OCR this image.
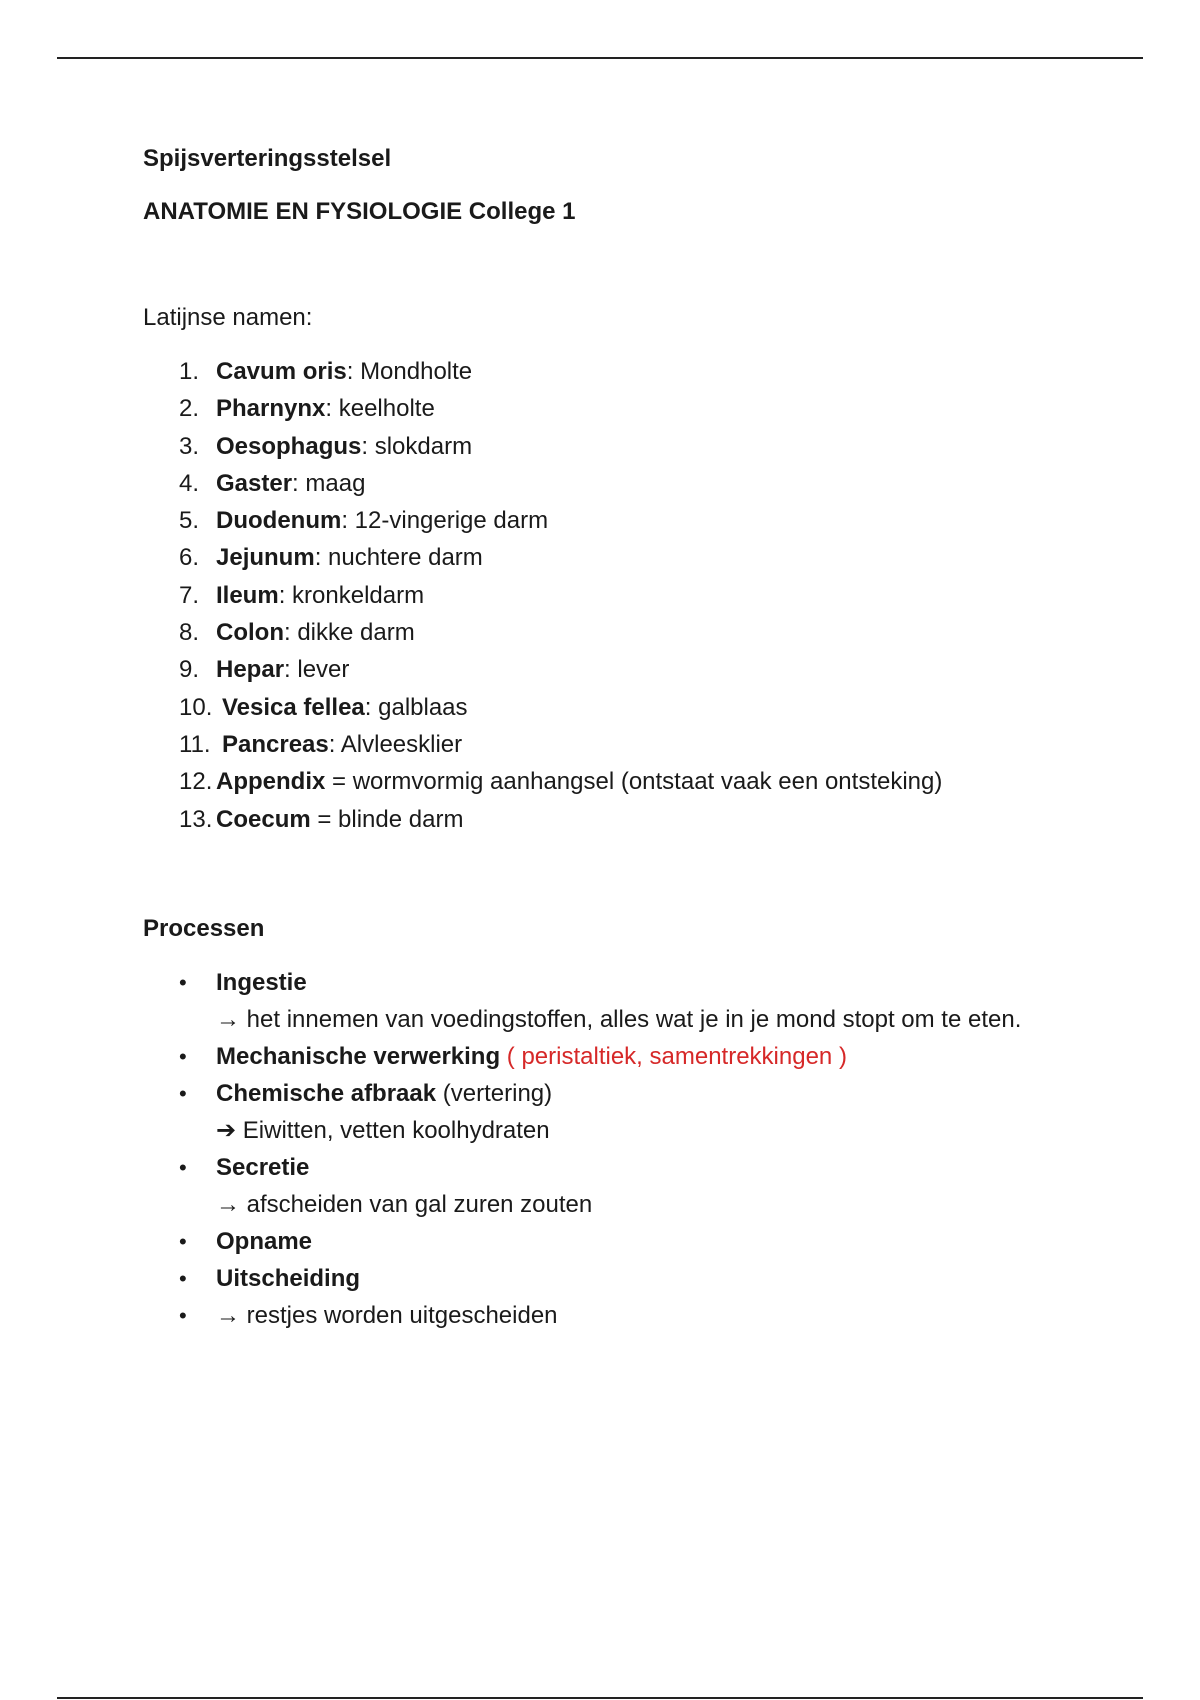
Spijsverteringsstelsel

ANATOMIE EN FYSIOLOGIE College 1

Latijnse namen:

1. Cavum oris: Mondholte
2. Pharnynx: keelholte
3. Oesophagus: slokdarm
4. Gaster: maag
5. Duodenum: 12-vingerige darm
6. Jejunum: nuchtere darm
7. Ileum: kronkeldarm
8. Colon: dikke darm
9. Hepar: lever
10. Vesica fellea: galblaas
11. Pancreas: Alvleesklier
12. Appendix = wormvormig aanhangsel (ontstaat vaak een ontsteking)
13. Coecum = blinde darm

Processen

• Ingestie
→ het innemen van voedingstoffen, alles wat je in je mond stopt om te eten.
• Mechanische verwerking ( peristaltiek, samentrekkingen )
• Chemische afbraak (vertering)
➔ Eiwitten, vetten koolhydraten
• Secretie
→ afscheiden van gal zuren zouten
• Opname
• Uitscheiding
• → restjes worden uitgescheiden
